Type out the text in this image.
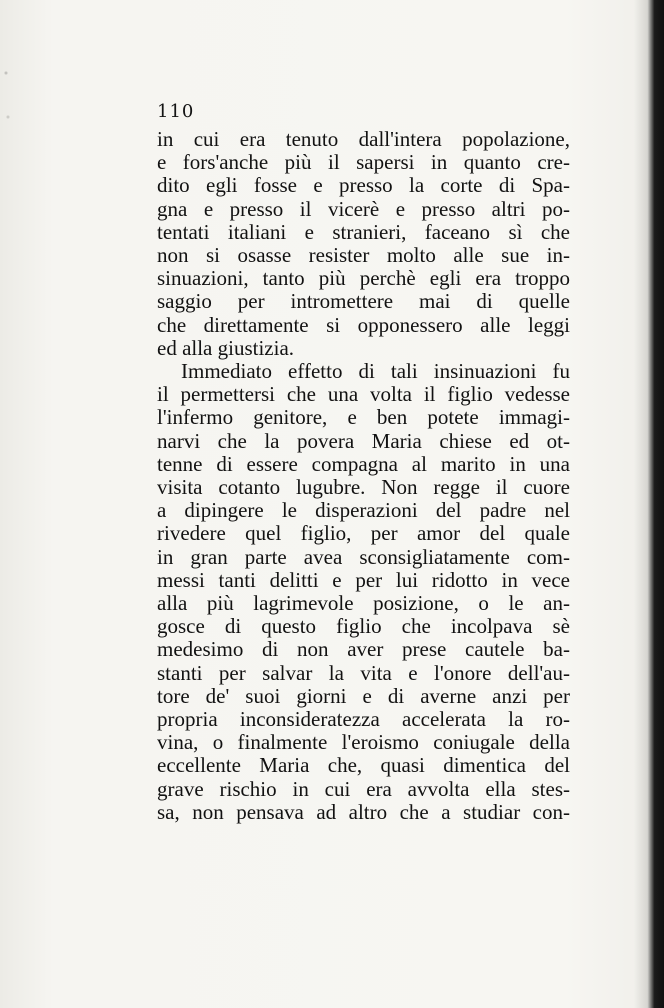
110
in cui era tenuto dall'intera popolazione,
e fors'anche più il sapersi in quanto cre-
dito egli fosse e presso la corte di Spa-
gna e presso il vicerè e presso altri po-
tentati italiani e stranieri, faceano sì che
non si osasse resister molto alle sue in-
sinuazioni, tanto più perchè egli era troppo
saggio per intromettere mai di quelle
che direttamente si opponessero alle leggi
ed alla giustizia.
Immediato effetto di tali insinuazioni fu
il permettersi che una volta il figlio vedesse
l'infermo genitore, e ben potete immagi-
narvi che la povera Maria chiese ed ot-
tenne di essere compagna al marito in una
visita cotanto lugubre. Non regge il cuore
a dipingere le disperazioni del padre nel
rivedere quel figlio, per amor del quale
in gran parte avea sconsigliatamente com-
messi tanti delitti e per lui ridotto in vece
alla più lagrimevole posizione, o le an-
gosce di questo figlio che incolpava sè
medesimo di non aver prese cautele ba-
stanti per salvar la vita e l'onore dell'au-
tore de' suoi giorni e di averne anzi per
propria inconsideratezza accelerata la ro-
vina, o finalmente l'eroismo coniugale della
eccellente Maria che, quasi dimentica del
grave rischio in cui era avvolta ella stes-
sa, non pensava ad altro che a studiar con-
